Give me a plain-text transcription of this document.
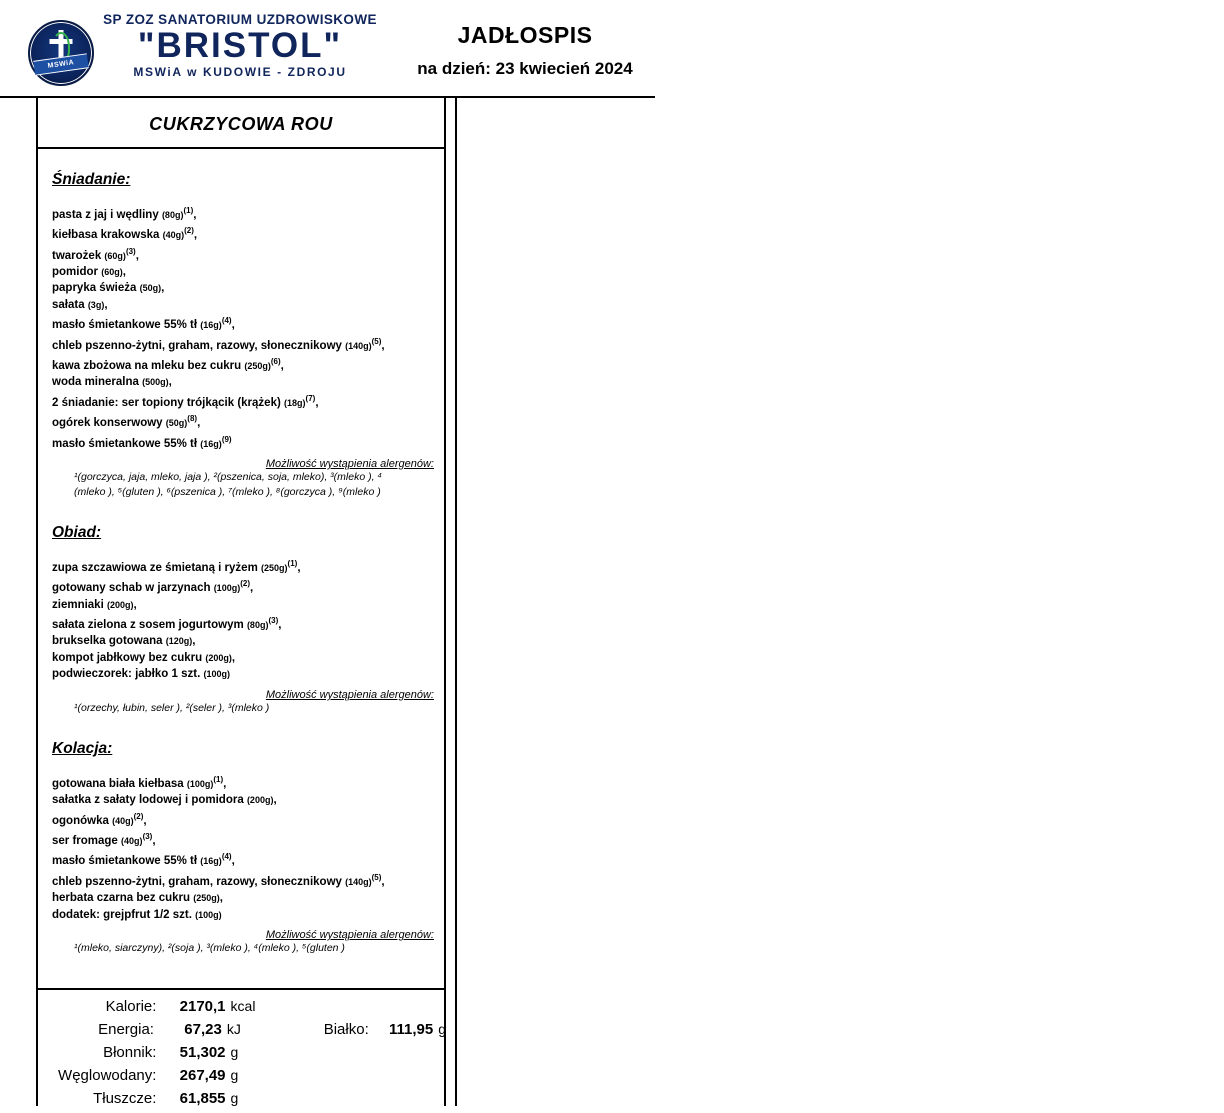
MSWiA
SP ZOZ SANATORIUM UZDROWISKOWE
"BRISTOL"
MSWiA w KUDOWIE - ZDROJU
JADŁOSPIS
na dzień: 23 kwiecień 2024
CUKRZYCOWA ROU
Śniadanie:
pasta z jaj i wędliny $(80g)^{(1)}$,
kiełbasa krakowska $(40g)^{(2)}$,
twarożek $(60g)^{(3)}$,
pomidor (60g),
papryka świeża (50g),
sałata (3g),
masło śmietankowe 55% tł $(16g)^{(4)}$,
chleb pszenno-żytni, graham, razowy, słonecznikowy $(140g)^{(5)}$,
kawa zbożowa na mleku bez cukru $(250g)^{(6)}$,
woda mineralna (500g),
2 śniadanie: ser topiony trójkącik (krążek) $(18g)^{(7)}$,
ogórek konserwowy $(50g)^{(8)}$,
masło śmietankowe 55% tł $(16g)^{(9)}$
Możliwość wystąpienia alergenów:
¹(gorczyca, jaja, mleko, jaja ), ²(pszenica, soja, mleko), ³(mleko ), ⁴
(mleko ), ⁵(gluten ), ⁶(pszenica ), ⁷(mleko ), ⁸(gorczyca ), ⁹(mleko )
Obiad:
zupa szczawiowa ze śmietaną i ryżem $(250g)^{(1)}$,
gotowany schab w jarzynach $(100g)^{(2)}$,
ziemniaki (200g),
sałata zielona z sosem jogurtowym $(80g)^{(3)}$,
brukselka gotowana (120g),
kompot jabłkowy bez cukru (200g),
podwieczorek: jabłko 1 szt. (100g)
Możliwość wystąpienia alergenów:
¹(orzechy, łubin, seler ), ²(seler ), ³(mleko )
Kolacja:
gotowana biała kiełbasa $(100g)^{(1)}$,
sałatka z sałaty lodowej i pomidora (200g),
ogonówka $(40g)^{(2)}$,
ser fromage $(40g)^{(3)}$,
masło śmietankowe 55% tł $(16g)^{(4)}$,
chleb pszenno-żytni, graham, razowy, słonecznikowy $(140g)^{(5)}$,
herbata czarna bez cukru (250g),
dodatek: grejpfrut 1/2 szt. (100g)
Możliwość wystąpienia alergenów:
¹(mleko, siarczyny), ²(soja ), ³(mleko ), ⁴(mleko ), ⁵(gluten )
Kalorie:	2170,1 kcal
Energia:	67,23 kJ	Białko:	111,95 g
Błonnik:	51,302 g
Węglowodany:	267,49 g
Tłuszcze:	61,855 g
